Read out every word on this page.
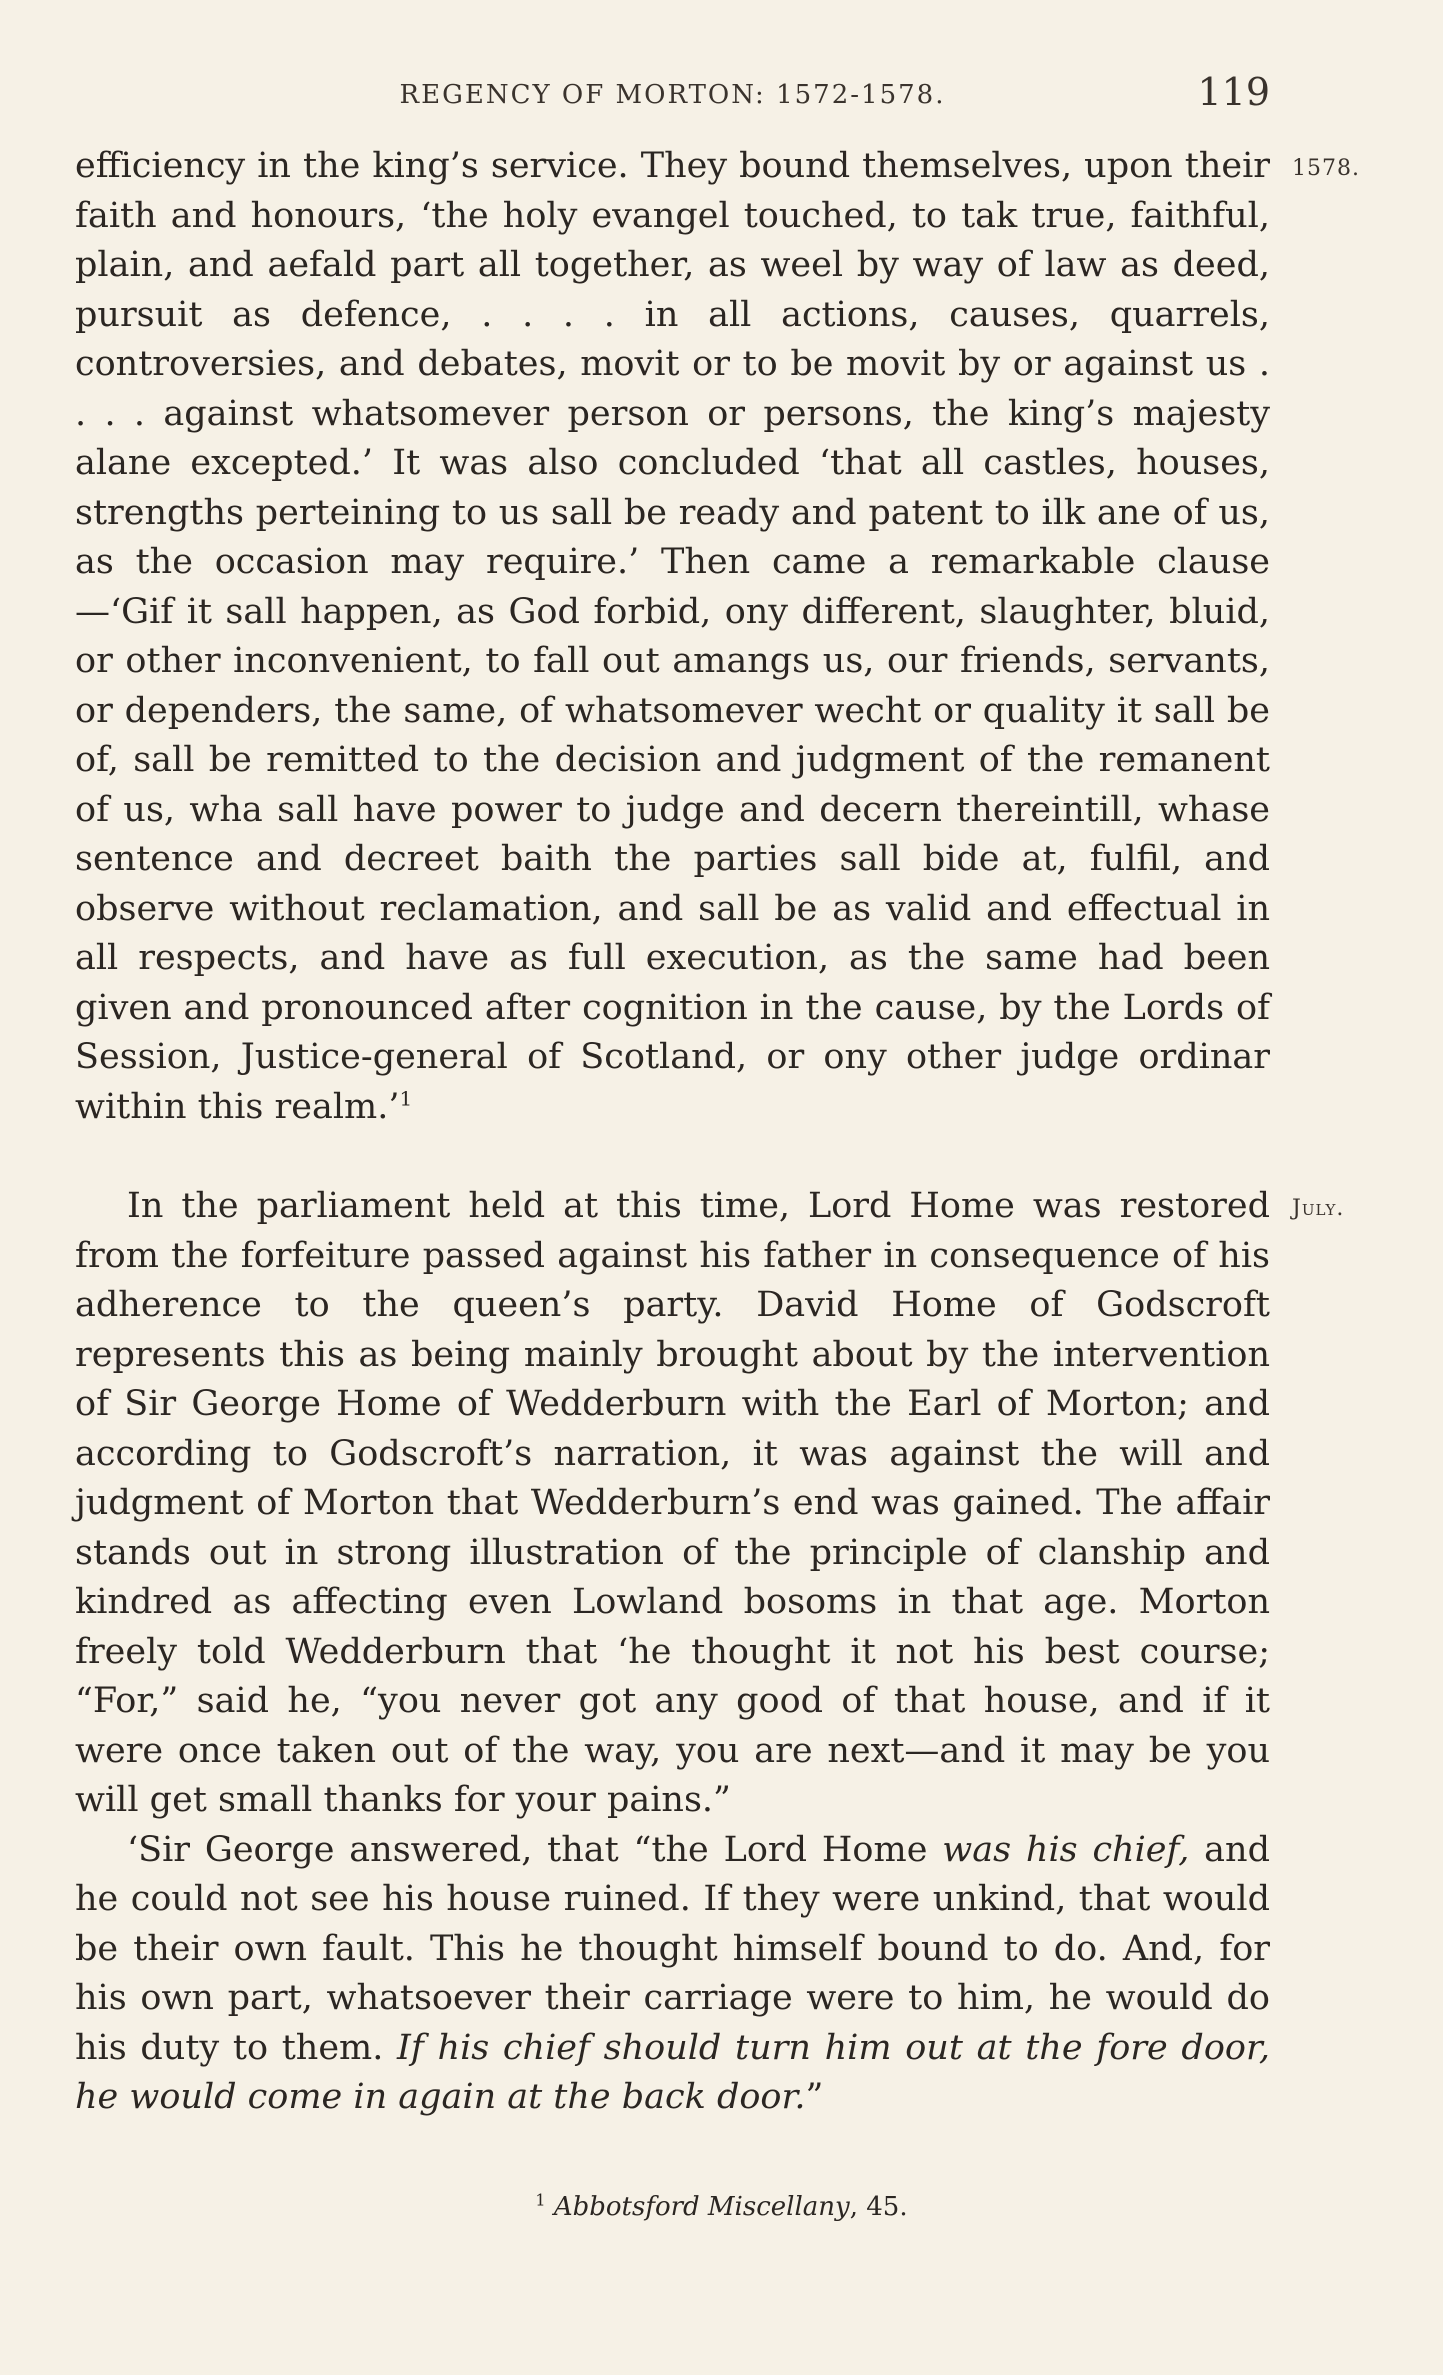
REGENCY OF MORTON: 1572-1578.	119
1578.
July.

efficiency in the king’s service. They bound themselves, upon their faith and honours, ‘the holy evangel touched, to tak true, faithful, plain, and aefald part all together, as weel by way of law as deed, pursuit as defence, . . . . in all actions, causes, quarrels, controversies, and debates, movit or to be movit by or against us . . . . against whatsomever person or persons, the king’s majesty alane excepted.’ It was also concluded ‘that all castles, houses, strengths perteining to us sall be ready and patent to ilk ane of us, as the occasion may require.’ Then came a remarkable clause—‘Gif it sall happen, as God forbid, ony different, slaughter, bluid, or other inconvenient, to fall out amangs us, our friends, servants, or dependers, the same, of whatsomever wecht or quality it sall be of, sall be remitted to the decision and judgment of the remanent of us, wha sall have power to judge and decern thereintill, whase sentence and decreet baith the parties sall bide at, fulfil, and observe without reclamation, and sall be as valid and effectual in all respects, and have as full execution, as the same had been given and pronounced after cognition in the cause, by the Lords of Session, Justice-general of Scotland, or ony other judge ordinar within this realm.’$^1$

In the parliament held at this time, Lord Home was restored from the forfeiture passed against his father in consequence of his adherence to the queen’s party. David Home of Godscroft represents this as being mainly brought about by the intervention of Sir George Home of Wedderburn with the Earl of Morton; and according to Godscroft’s narration, it was against the will and judgment of Morton that Wedderburn’s end was gained. The affair stands out in strong illustration of the principle of clanship and kindred as affecting even Lowland bosoms in that age. Morton freely told Wedderburn that ‘he thought it not his best course; “For,” said he, “you never got any good of that house, and if it were once taken out of the way, you are next—and it may be you will get small thanks for your pains.”

‘Sir George answered, that “the Lord Home was his chief, and he could not see his house ruined. If they were unkind, that would be their own fault. This he thought himself bound to do. And, for his own part, whatsoever their carriage were to him, he would do his duty to them. If his chief should turn him out at the fore door, he would come in again at the back door.”

$^1$ Abbotsford Miscellany, 45.
